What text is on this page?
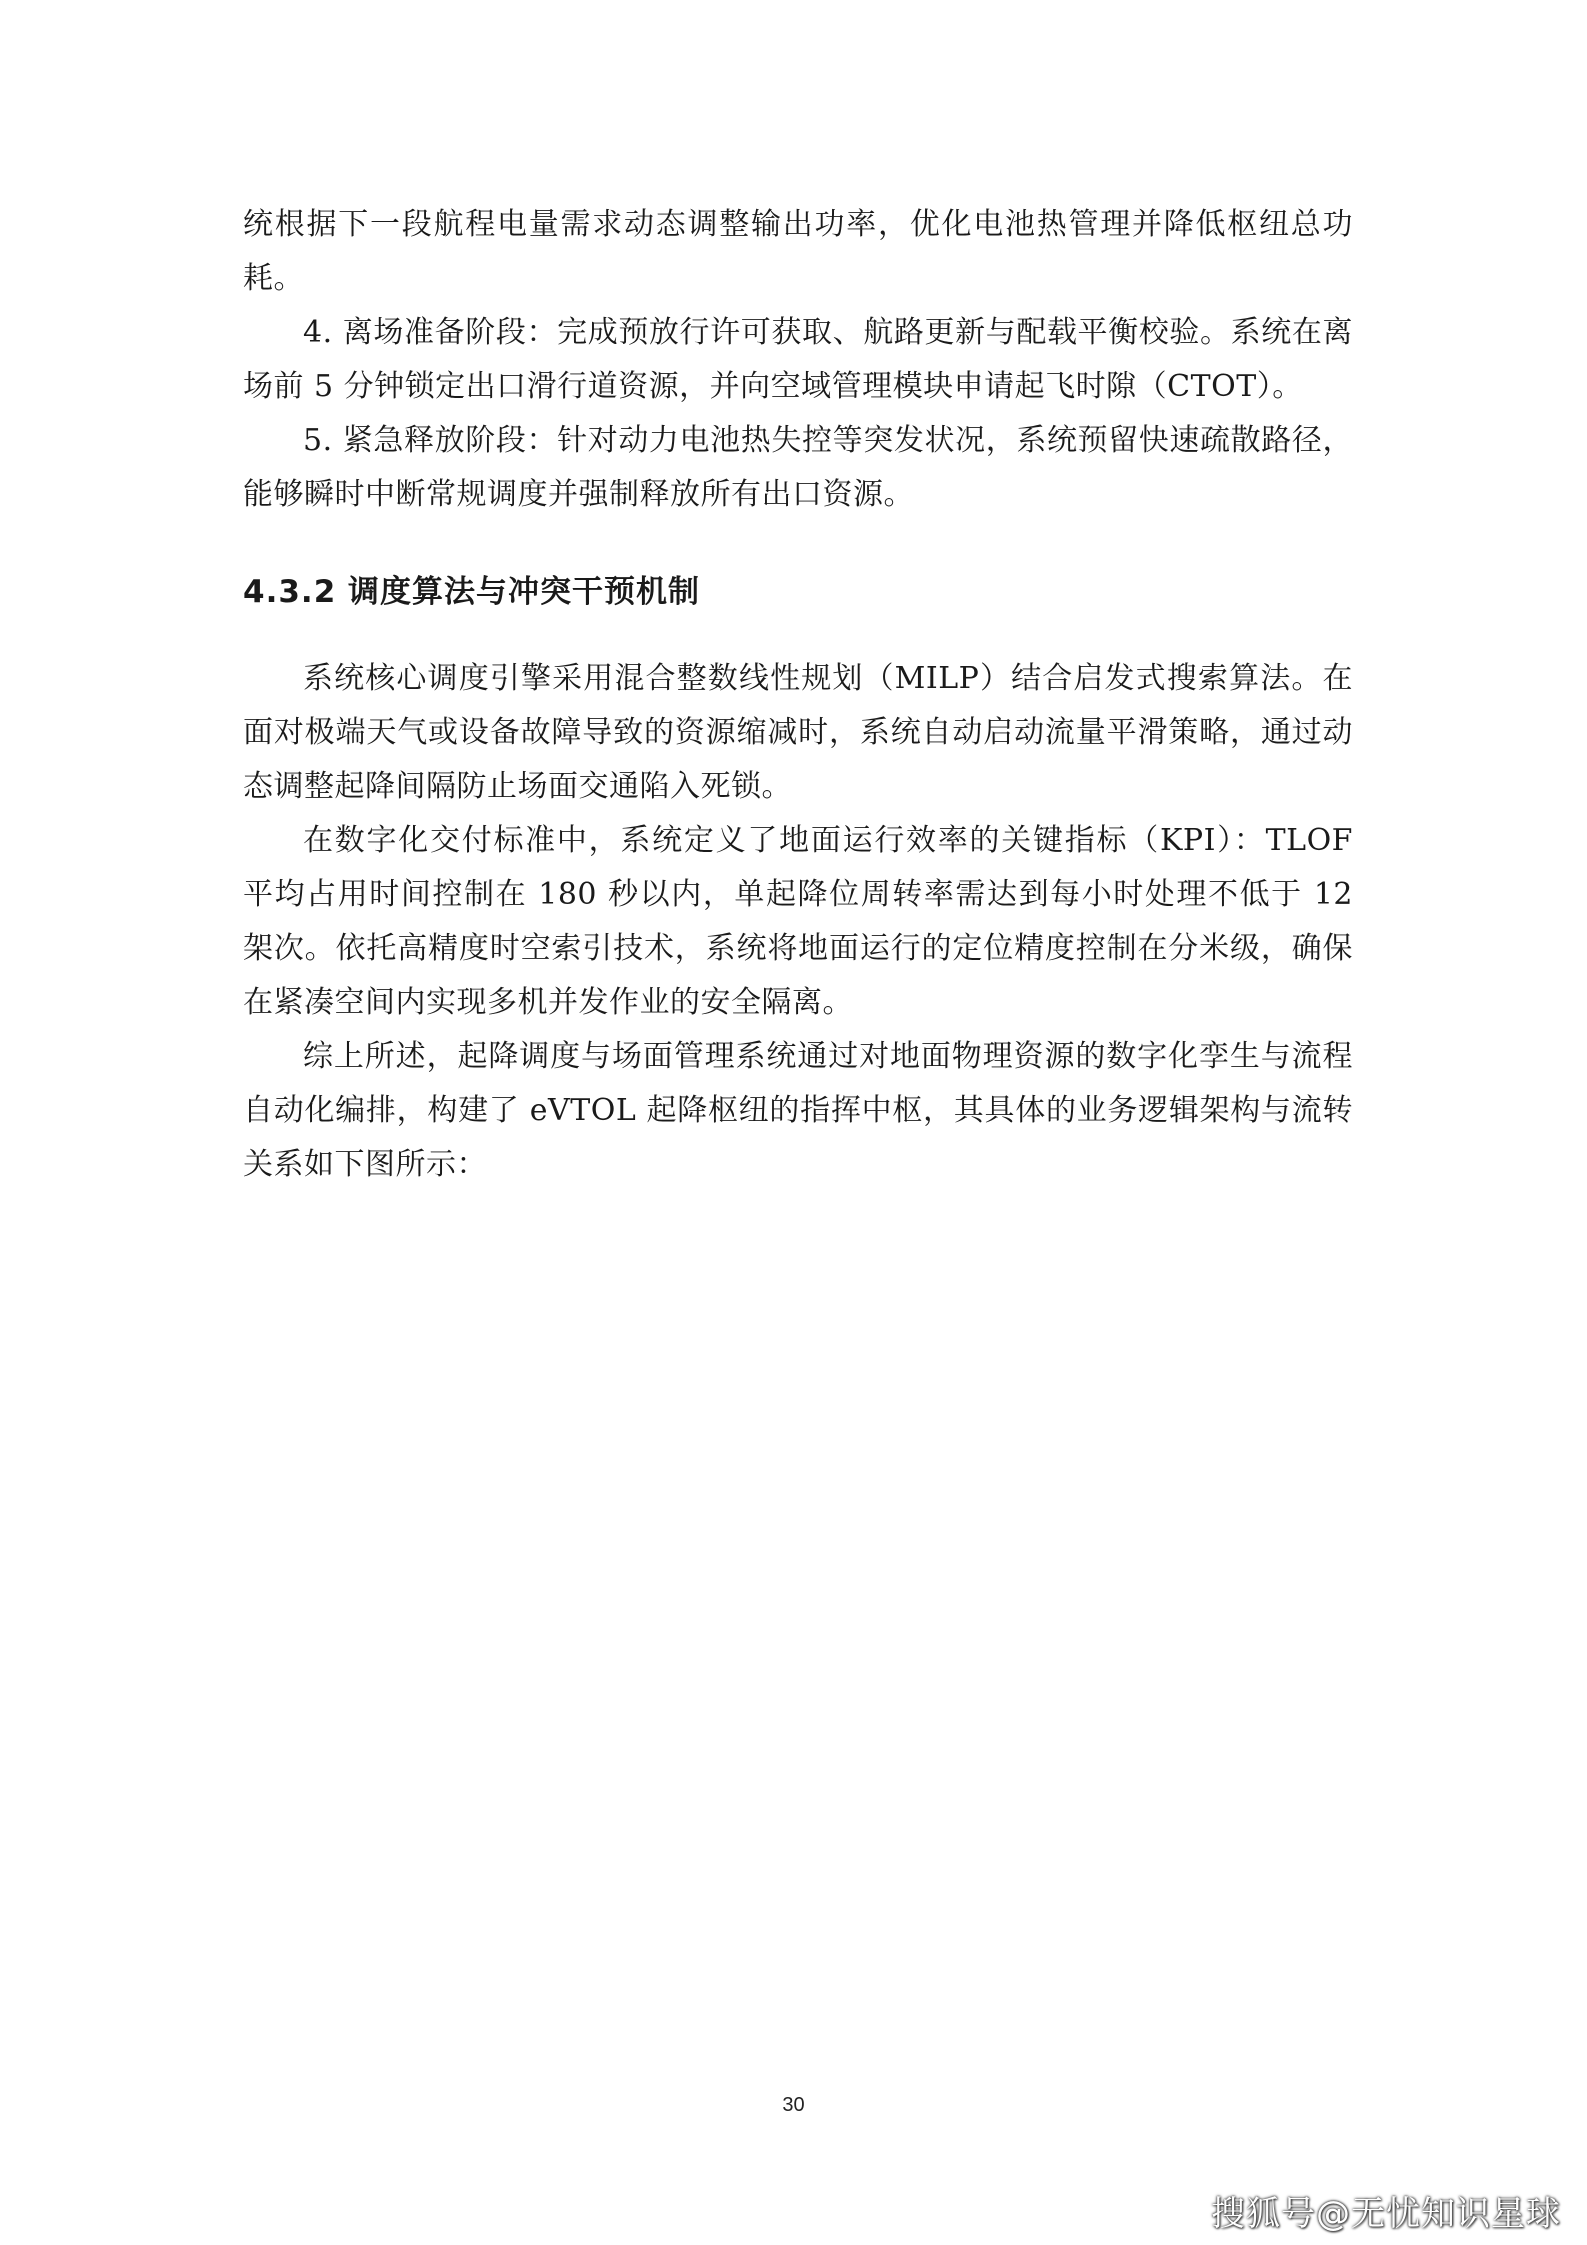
统根据下一段航程电量需求动态调整输出功率，优化电池热管理并降低枢纽总功耗。

4. 离场准备阶段：完成预放行许可获取、航路更新与配载平衡校验。系统在离场前 5 分钟锁定出口滑行道资源，并向空域管理模块申请起飞时隙（CTOT）。

5. 紧急释放阶段：针对动力电池热失控等突发状况，系统预留快速疏散路径，能够瞬时中断常规调度并强制释放所有出口资源。

4.3.2 调度算法与冲突干预机制

系统核心调度引擎采用混合整数线性规划（MILP）结合启发式搜索算法。在面对极端天气或设备故障导致的资源缩减时，系统自动启动流量平滑策略，通过动态调整起降间隔防止场面交通陷入死锁。

在数字化交付标准中，系统定义了地面运行效率的关键指标（KPI）：TLOF 平均占用时间控制在 180 秒以内，单起降位周转率需达到每小时处理不低于 12 架次。依托高精度时空索引技术，系统将地面运行的定位精度控制在分米级，确保在紧凑空间内实现多机并发作业的安全隔离。

综上所述，起降调度与场面管理系统通过对地面物理资源的数字化孪生与流程自动化编排，构建了 eVTOL 起降枢纽的指挥中枢，其具体的业务逻辑架构与流转关系如下图所示：

30
搜狐号@无忧知识星球
